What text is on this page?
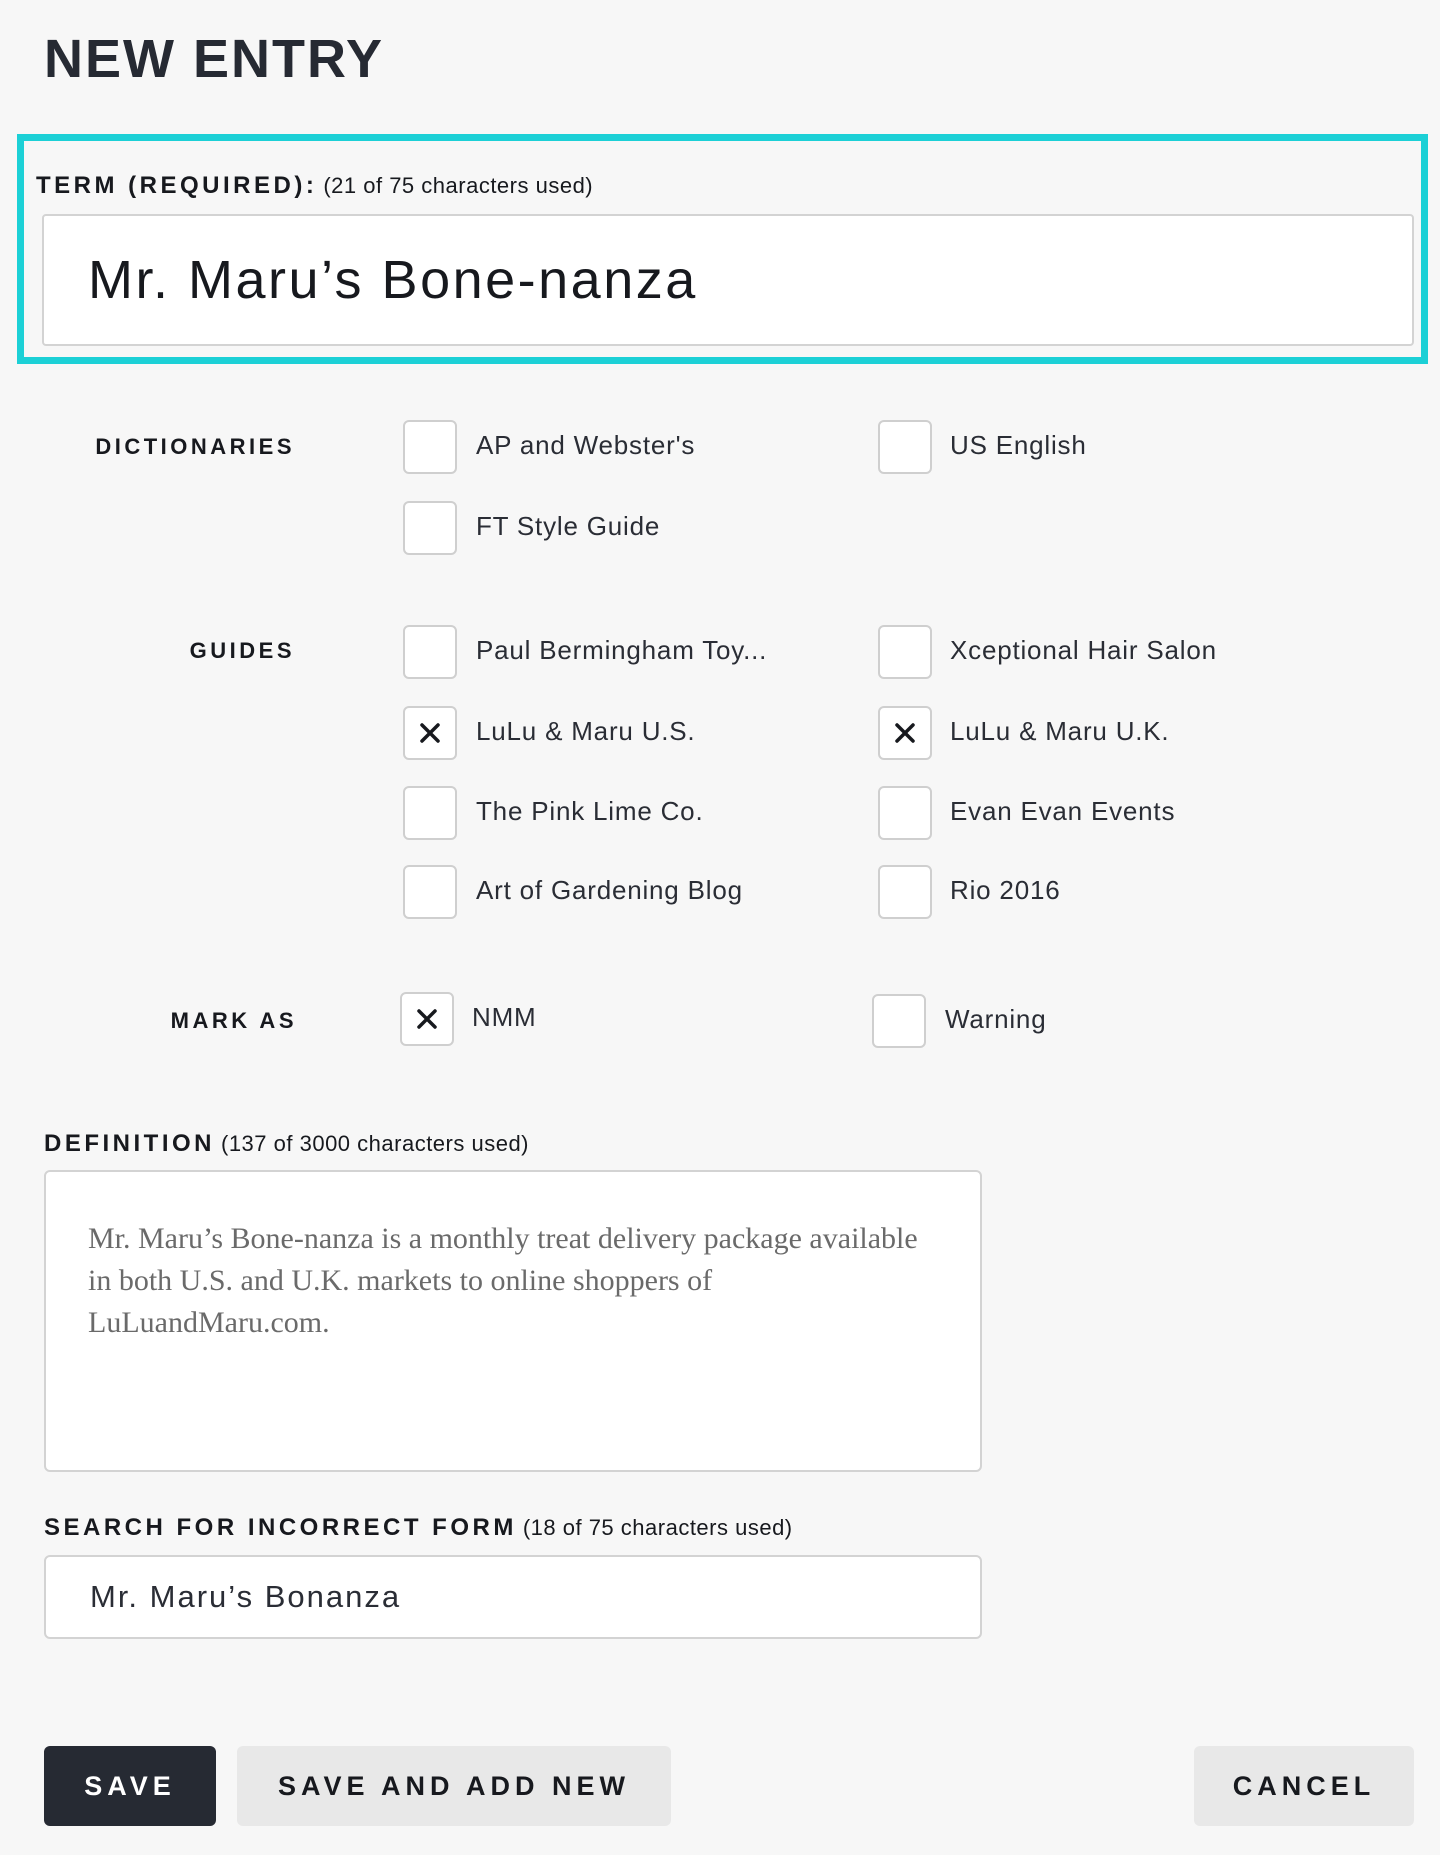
NEW ENTRY
TERM (REQUIRED): (21 of 75 characters used)
Mr. Maru’s Bone-nanza
DICTIONARIES	AP and Webster's	US English
FT Style Guide
GUIDES	Paul Bermingham Toy...	Xceptional Hair Salon
LuLu & Maru U.S.	LuLu & Maru U.K.
The Pink Lime Co.	Evan Evan Events
Art of Gardening Blog	Rio 2016
MARK AS	NMM	Warning
DEFINITION (137 of 3000 characters used)
Mr. Maru’s Bone-nanza is a monthly treat delivery package available in both U.S. and U.K. markets to online shoppers of LuLuandMaru.com.
SEARCH FOR INCORRECT FORM (18 of 75 characters used)
Mr. Maru’s Bonanza
SAVE	SAVE AND ADD NEW	CANCEL
